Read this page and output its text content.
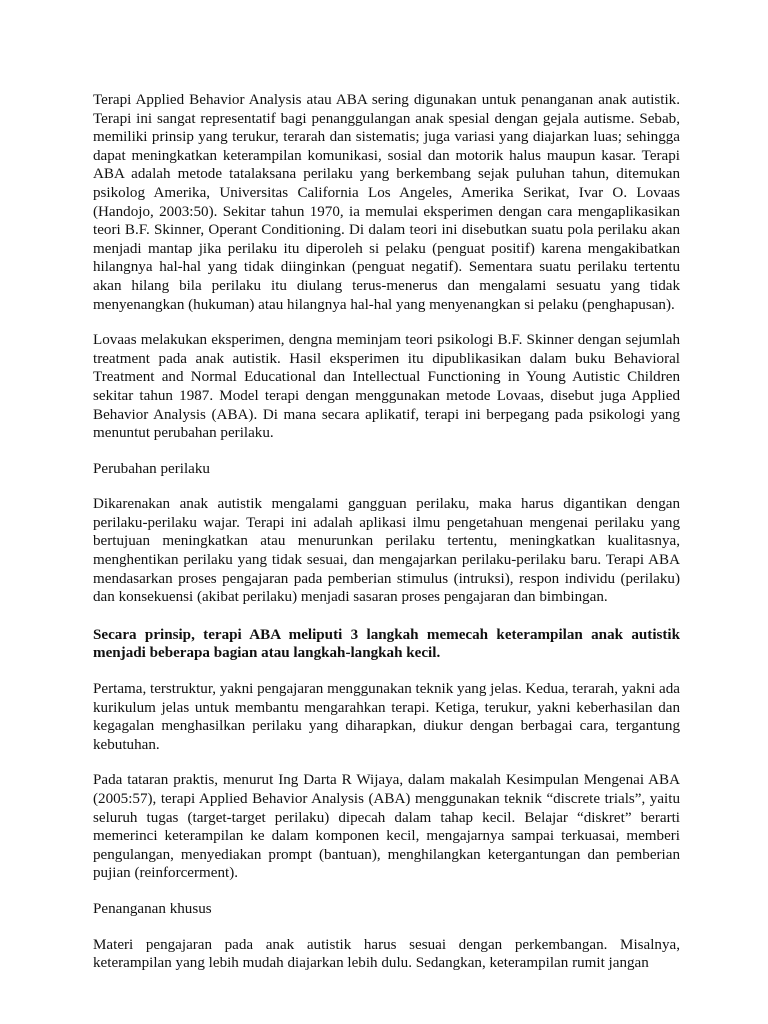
Terapi Applied Behavior Analysis atau ABA sering digunakan untuk penanganan anak autistik. Terapi ini sangat representatif bagi penanggulangan anak spesial dengan gejala autisme. Sebab, memiliki prinsip yang terukur, terarah dan sistematis; juga variasi yang diajarkan luas; sehingga dapat meningkatkan keterampilan komunikasi, sosial dan motorik halus maupun kasar. Terapi ABA adalah metode tatalaksana perilaku yang berkembang sejak puluhan tahun, ditemukan psikolog Amerika, Universitas California Los Angeles, Amerika Serikat, Ivar O. Lovaas (Handojo, 2003:50). Sekitar tahun 1970, ia memulai eksperimen dengan cara mengaplikasikan teori B.F. Skinner, Operant Conditioning. Di dalam teori ini disebutkan suatu pola perilaku akan menjadi mantap jika perilaku itu diperoleh si pelaku (penguat positif) karena mengakibatkan hilangnya hal-hal yang tidak diinginkan (penguat negatif). Sementara suatu perilaku tertentu akan hilang bila perilaku itu diulang terus-menerus dan mengalami sesuatu yang tidak menyenangkan (hukuman) atau hilangnya hal-hal yang menyenangkan si pelaku (penghapusan).

Lovaas melakukan eksperimen, dengna meminjam teori psikologi B.F. Skinner dengan sejumlah treatment pada anak autistik. Hasil eksperimen itu dipublikasikan dalam buku Behavioral Treatment and Normal Educational dan Intellectual Functioning in Young Autistic Children sekitar tahun 1987. Model terapi dengan menggunakan metode Lovaas, disebut juga Applied Behavior Analysis (ABA). Di mana secara aplikatif, terapi ini berpegang pada psikologi yang menuntut perubahan perilaku.

Perubahan perilaku

Dikarenakan anak autistik mengalami gangguan perilaku, maka harus digantikan dengan perilaku-perilaku wajar. Terapi ini adalah aplikasi ilmu pengetahuan mengenai perilaku yang bertujuan meningkatkan atau menurunkan perilaku tertentu, meningkatkan kualitasnya, menghentikan perilaku yang tidak sesuai, dan mengajarkan perilaku-perilaku baru. Terapi ABA mendasarkan proses pengajaran pada pemberian stimulus (intruksi), respon individu (perilaku) dan konsekuensi (akibat perilaku) menjadi sasaran proses pengajaran dan bimbingan.

Secara prinsip, terapi ABA meliputi 3 langkah memecah keterampilan anak autistik menjadi beberapa bagian atau langkah-langkah kecil.

Pertama, terstruktur, yakni pengajaran menggunakan teknik yang jelas. Kedua, terarah, yakni ada kurikulum jelas untuk membantu mengarahkan terapi. Ketiga, terukur, yakni keberhasilan dan kegagalan menghasilkan perilaku yang diharapkan, diukur dengan berbagai cara, tergantung kebutuhan.

Pada tataran praktis, menurut Ing Darta R Wijaya, dalam makalah Kesimpulan Mengenai ABA (2005:57), terapi Applied Behavior Analysis (ABA) menggunakan teknik “discrete trials”, yaitu seluruh tugas (target-target perilaku) dipecah dalam tahap kecil. Belajar “diskret” berarti memerinci keterampilan ke dalam komponen kecil, mengajarnya sampai terkuasai, memberi pengulangan, menyediakan prompt (bantuan), menghilangkan ketergantungan dan pemberian pujian (reinforcerment).

Penanganan khusus

Materi pengajaran pada anak autistik harus sesuai dengan perkembangan. Misalnya, keterampilan yang lebih mudah diajarkan lebih dulu. Sedangkan, keterampilan rumit jangan
